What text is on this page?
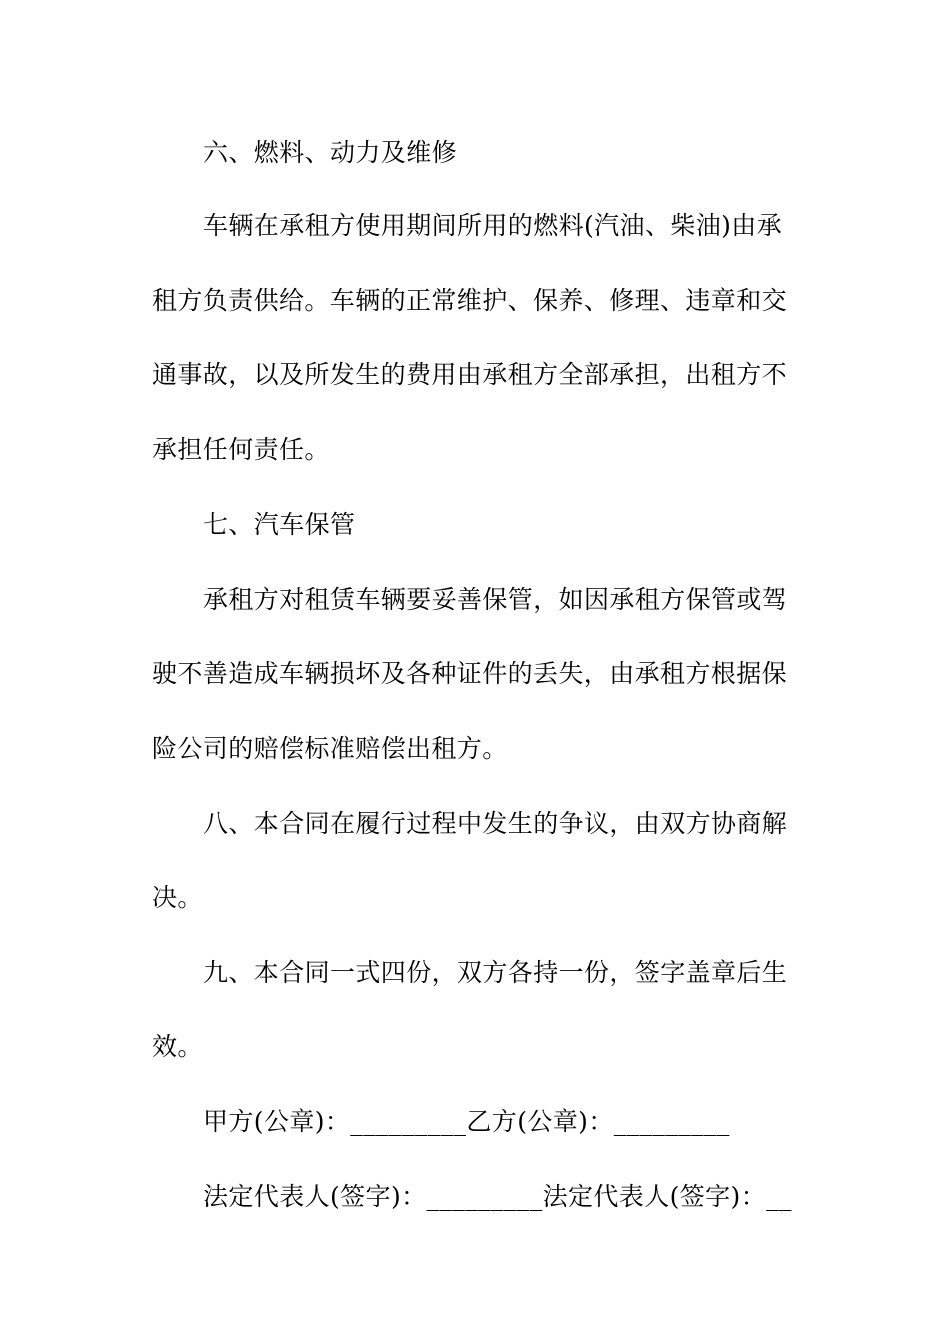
六、燃料、动力及维修
车辆在承租方使用期间所用的燃料(汽油、柴油)由承
租方负责供给。车辆的正常维护、保养、修理、违章和交
通事故，以及所发生的费用由承租方全部承担，出租方不
承担任何责任。
七、汽车保管
承租方对租赁车辆要妥善保管，如因承租方保管或驾
驶不善造成车辆损坏及各种证件的丢失，由承租方根据保
险公司的赔偿标准赔偿出租方。
八、本合同在履行过程中发生的争议，由双方协商解
决。
九、本合同一式四份，双方各持一份，签字盖章后生
效。
甲方(公章)：_________乙方(公章)：_________
法定代表人(签字)：_________法定代表人(签字)：__
